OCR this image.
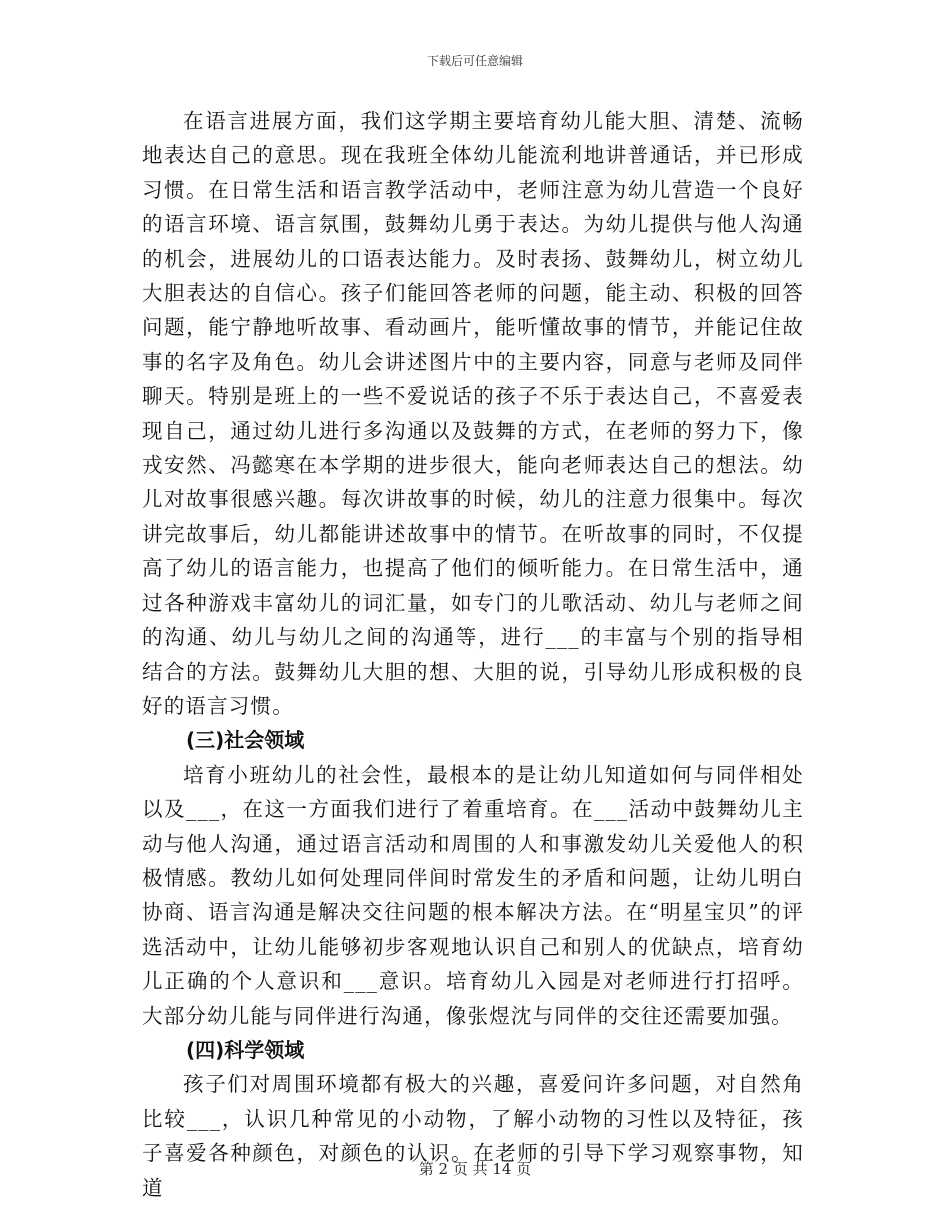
下载后可任意编辑

在语言进展方面，我们这学期主要培育幼儿能大胆、清楚、流畅地表达自己的意思。现在我班全体幼儿能流利地讲普通话，并已形成习惯。在日常生活和语言教学活动中，老师注意为幼儿营造一个良好的语言环境、语言氛围，鼓舞幼儿勇于表达。为幼儿提供与他人沟通的机会，进展幼儿的口语表达能力。及时表扬、鼓舞幼儿，树立幼儿大胆表达的自信心。孩子们能回答老师的问题，能主动、积极的回答问题，能宁静地听故事、看动画片，能听懂故事的情节，并能记住故事的名字及角色。幼儿会讲述图片中的主要内容，同意与老师及同伴聊天。特别是班上的一些不爱说话的孩子不乐于表达自己，不喜爱表现自己，通过幼儿进行多沟通以及鼓舞的方式，在老师的努力下，像戎安然、冯懿寒在本学期的进步很大，能向老师表达自己的想法。幼儿对故事很感兴趣。每次讲故事的时候，幼儿的注意力很集中。每次讲完故事后，幼儿都能讲述故事中的情节。在听故事的同时，不仅提高了幼儿的语言能力，也提高了他们的倾听能力。在日常生活中，通过各种游戏丰富幼儿的词汇量，如专门的儿歌活动、幼儿与老师之间的沟通、幼儿与幼儿之间的沟通等，进行___的丰富与个别的指导相结合的方法。鼓舞幼儿大胆的想、大胆的说，引导幼儿形成积极的良好的语言习惯。

(三)社会领域

培育小班幼儿的社会性，最根本的是让幼儿知道如何与同伴相处以及___，在这一方面我们进行了着重培育。在___活动中鼓舞幼儿主动与他人沟通，通过语言活动和周围的人和事激发幼儿关爱他人的积极情感。教幼儿如何处理同伴间时常发生的矛盾和问题，让幼儿明白协商、语言沟通是解决交往问题的根本解决方法。在“明星宝贝”的评选活动中，让幼儿能够初步客观地认识自己和别人的优缺点，培育幼儿正确的个人意识和___意识。培育幼儿入园是对老师进行打招呼。大部分幼儿能与同伴进行沟通，像张煜沈与同伴的交往还需要加强。

(四)科学领域

孩子们对周围环境都有极大的兴趣，喜爱问许多问题，对自然角比较___，认识几种常见的小动物，了解小动物的习性以及特征，孩子喜爱各种颜色，对颜色的认识。在老师的引导下学习观察事物，知道

第 2 页 共 14 页
